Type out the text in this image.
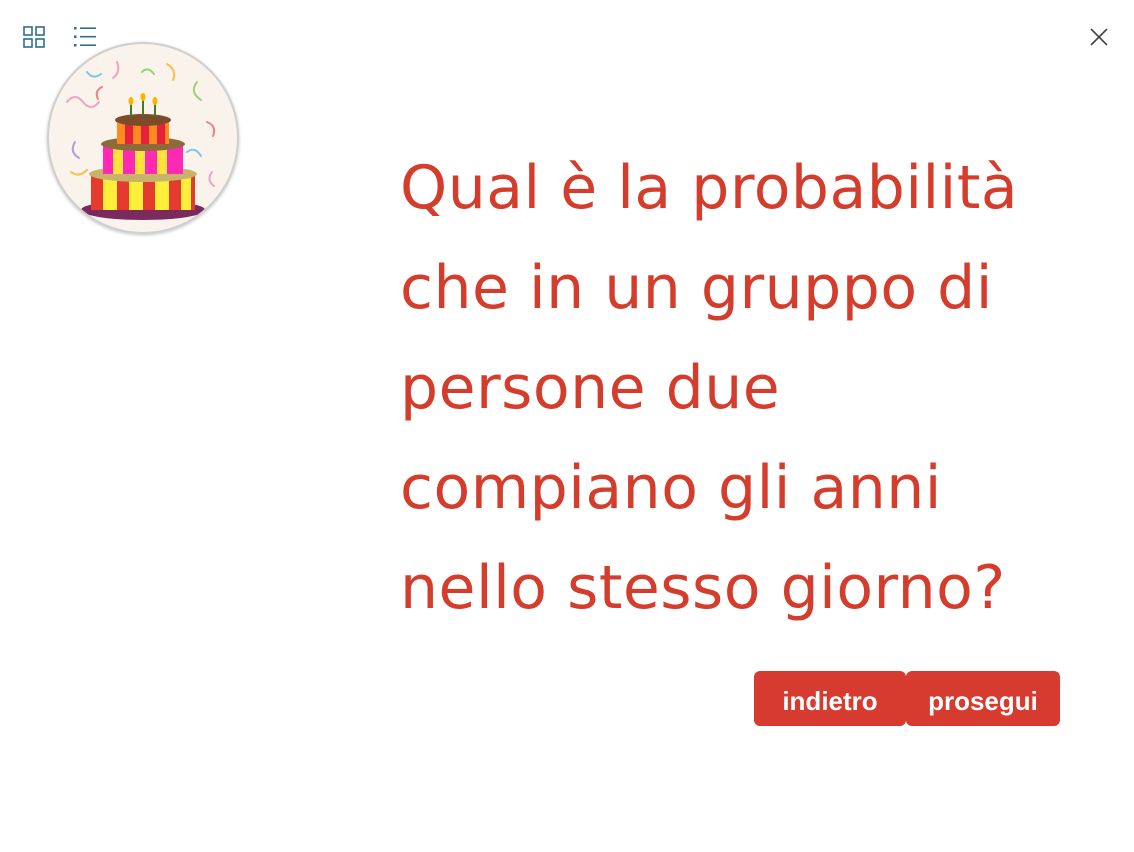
Qual è la probabilità
che in un gruppo di
persone due
compiano gli anni
nello stesso giorno?
indietro	prosegui
